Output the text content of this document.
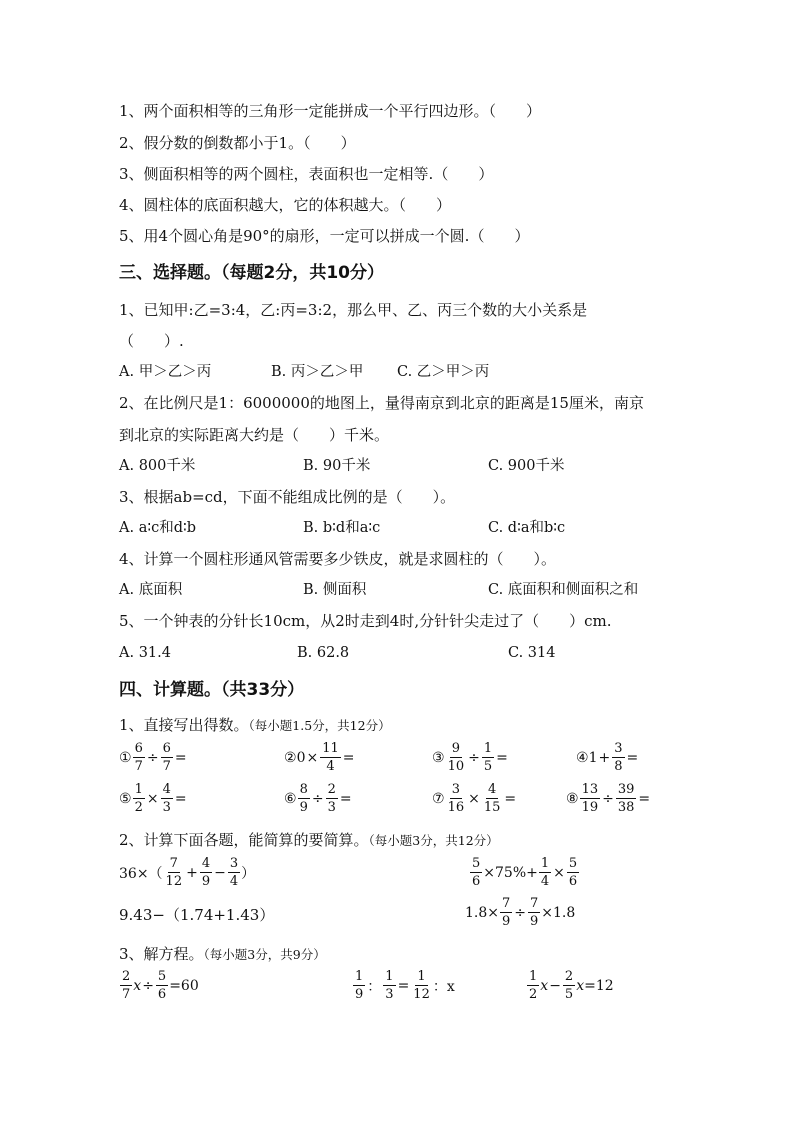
1、两个面积相等的三角形一定能拼成一个平行四边形。（　　）
2、假分数的倒数都小于1。（　　）
3、侧面积相等的两个圆柱，表面积也一定相等.（　　）
4、圆柱体的底面积越大，它的体积越大。（　　）
5、用4个圆心角是90°的扇形，一定可以拼成一个圆.（　　）
三、选择题。（每题2分，共10分）
1、已知甲:乙=3:4，乙:丙=3:2，那么甲、乙、丙三个数的大小关系是
（　　）.
A. 甲＞乙＞丙	B. 丙＞乙＞甲 C. 乙＞甲＞丙
2、在比例尺是1：6000000的地图上，量得南京到北京的距离是15厘米，南京
到北京的实际距离大约是（　　）千米。
A. 800千米	B. 90千米	C. 900千米
3、根据ab=cd，下面不能组成比例的是（　　）。
A. a∶c和d∶b	B. b∶d和a∶c	C. d∶a和b∶c
4、计算一个圆柱形通风管需要多少铁皮，就是求圆柱的（　　）。
A. 底面积	B. 侧面积	C. 底面积和侧面积之和
5、一个钟表的分针长10cm，从2时走到4时,分针针尖走过了（　　）cm.
A. 31.4	B. 62.8	C. 314
四、计算题。（共33分）
1、直接写出得数。（每小题1.5分，共12分）
① $\frac{6}{7} \div \frac{6}{7}$ =	② $0 \times \frac{11}{4}$ =	③ $\frac{9}{10} \div \frac{1}{5}$ =	④ $1 + \frac{3}{8}$ =
⑤ $\frac{1}{2} \times \frac{4}{3}$ =	⑥ $\frac{8}{9} \div \frac{2}{3}$ =	⑦ $\frac{3}{16} \times \frac{4}{15}$ =	⑧ $\frac{13}{19} \div \frac{39}{38}$ =
2、计算下面各题，能简算的要简算。（每小题3分，共12分）
$36\times( \frac{7}{12} + \frac{4}{9} - \frac{3}{4}$ ）	$\frac{5}{6} \times 75\%+ \frac{1}{4} \times \frac{5}{6}$
9.43−（1.74+1.43）	$1.8\times \frac{7}{9} \div \frac{7}{9} \times 1.8$
3、解方程。（每小题3分，共9分）
$\frac{2}{7}$ $x \div \frac{5}{6} =60$	$\frac{1}{9}$ ： $\frac{1}{3} = \frac{1}{12}$ ：x	$\frac{1}{2}$ $x - \frac{2}{5}$ x =12
